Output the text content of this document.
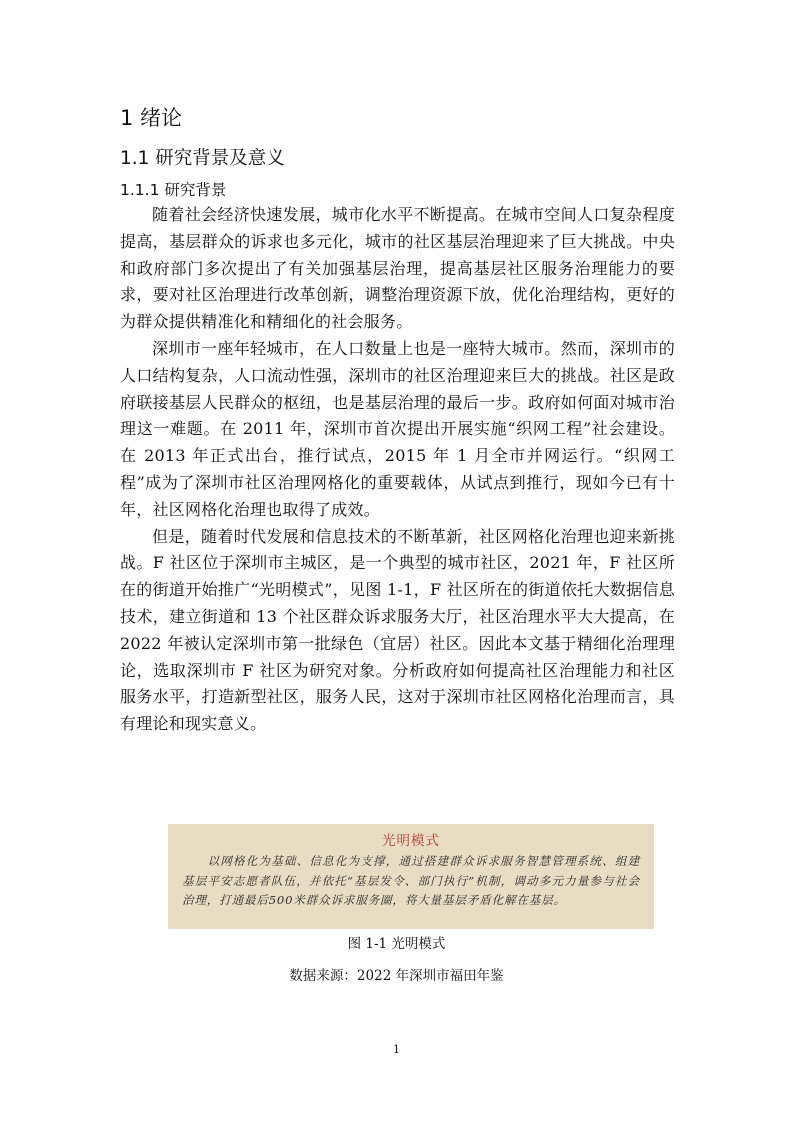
1 绪论
1.1 研究背景及意义
1.1.1 研究背景

随着社会经济快速发展，城市化水平不断提高。在城市空间人口复杂程度提高，基层群众的诉求也多元化，城市的社区基层治理迎来了巨大挑战。中央和政府部门多次提出了有关加强基层治理，提高基层社区服务治理能力的要求，要对社区治理进行改革创新，调整治理资源下放，优化治理结构，更好的为群众提供精准化和精细化的社会服务。

深圳市一座年轻城市，在人口数量上也是一座特大城市。然而，深圳市的人口结构复杂，人口流动性强，深圳市的社区治理迎来巨大的挑战。社区是政府联接基层人民群众的枢纽，也是基层治理的最后一步。政府如何面对城市治理这一难题。在 2011 年，深圳市首次提出开展实施“织网工程”社会建设。在 2013 年正式出台，推行试点，2015 年 1 月全市并网运行。“织网工程”成为了深圳市社区治理网格化的重要载体，从试点到推行，现如今已有十年，社区网格化治理也取得了成效。

但是，随着时代发展和信息技术的不断革新，社区网格化治理也迎来新挑战。F 社区位于深圳市主城区，是一个典型的城市社区，2021 年，F 社区所在的街道开始推广“光明模式”，见图 1-1，F 社区所在的街道依托大数据信息技术，建立街道和 13 个社区群众诉求服务大厅，社区治理水平大大提高，在 2022 年被认定深圳市第一批绿色（宜居）社区。因此本文基于精细化治理理论，选取深圳市 F 社区为研究对象。分析政府如何提高社区治理能力和社区服务水平，打造新型社区，服务人民，这对于深圳市社区网格化治理而言，具有理论和现实意义。

光明模式

以网格化为基础、信息化为支撑，通过搭建群众诉求服务智慧管理系统、组建基层平安志愿者队伍，并依托“基层发令、部门执行”机制，调动多元力量参与社会治理，打通最后500米群众诉求服务圈，将大量基层矛盾化解在基层。

图 1-1 光明模式

数据来源：2022 年深圳市福田年鉴

1
